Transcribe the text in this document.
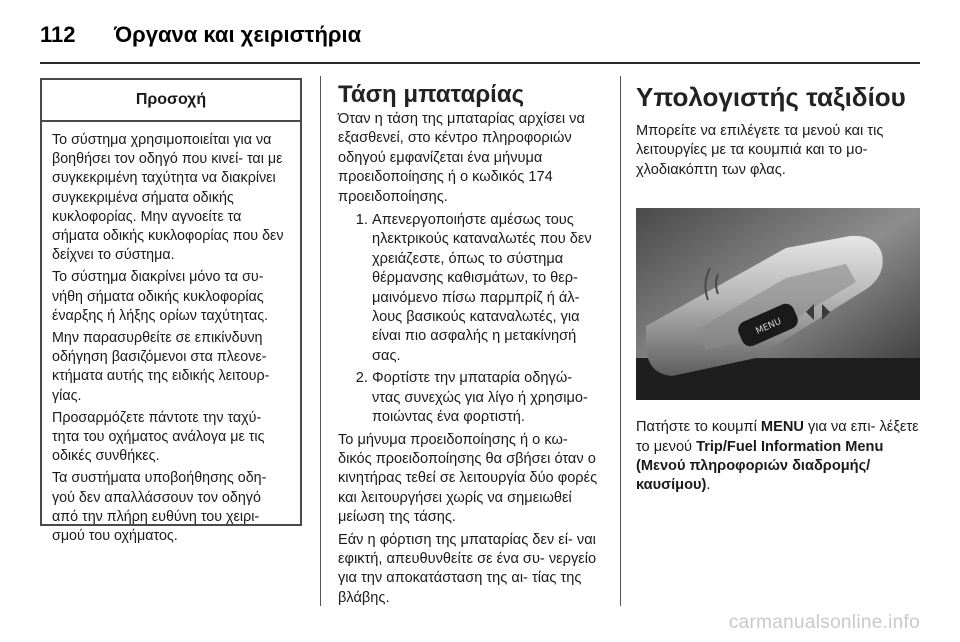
112 Όργανα και χειριστήρια
Προσοχή

Το σύστημα χρησιμοποιείται για να βοηθήσει τον οδηγό που κινεί- ται με συγκεκριμένη ταχύτητα να διακρίνει συγκεκριμένα σήματα οδικής κυκλοφορίας. Μην αγνοείτε τα σήματα οδικής κυκλοφορίας που δεν δείχνει το σύστημα.

Το σύστημα διακρίνει μόνο τα συ- νήθη σήματα οδικής κυκλοφορίας έναρξης ή λήξης ορίων ταχύτητας.

Μην παρασυρθείτε σε επικίνδυνη οδήγηση βασιζόμενοι στα πλεονε- κτήματα αυτής της ειδικής λειτουρ- γίας.

Προσαρμόζετε πάντοτε την ταχύ- τητα του οχήματος ανάλογα με τις οδικές συνθήκες.

Τα συστήματα υποβοήθησης οδη- γού δεν απαλλάσσουν τον οδηγό από την πλήρη ευθύνη του χειρι- σμού του οχήματος.

Τάση μπαταρίας

Όταν η τάση της μπαταρίας αρχίσει να εξασθενεί, στο κέντρο πληροφοριών οδηγού εμφανίζεται ένα μήνυμα προειδοποίησης ή ο κωδικός 174 προειδοποίησης.

1. Απενεργοποιήστε αμέσως τους ηλεκτρικούς καταναλωτές που δεν χρειάζεστε, όπως το σύστημα θέρμανσης καθισμάτων, το θερ- μαινόμενο πίσω παρμπρίζ ή άλ- λους βασικούς καταναλωτές, για είναι πιο ασφαλής η μετακίνησή σας.
2. Φορτίστε την μπαταρία οδηγώ- ντας συνεχώς για λίγο ή χρησιμο- ποιώντας ένα φορτιστή.

Το μήνυμα προειδοποίησης ή ο κω- δικός προειδοποίησης θα σβήσει όταν ο κινητήρας τεθεί σε λειτουργία δύο φορές και λειτουργήσει χωρίς να σημειωθεί μείωση της τάσης.

Εάν η φόρτιση της μπαταρίας δεν εί- ναι εφικτή, απευθυνθείτε σε ένα συ- νεργείο για την αποκατάσταση της αι- τίας της βλάβης.

Υπολογιστής ταξιδίου

Μπορείτε να επιλέγετε τα μενού και τις λειτουργίες με τα κουμπιά και το μο- χλοδιακόπτη των φλας.

MENU

Πατήστε το κουμπί MENU για να επι- λέξετε το μενού Trip/Fuel Information Menu (Μενού πληροφοριών διαδρομής/καυσίμου).

carmanualsonline.info
